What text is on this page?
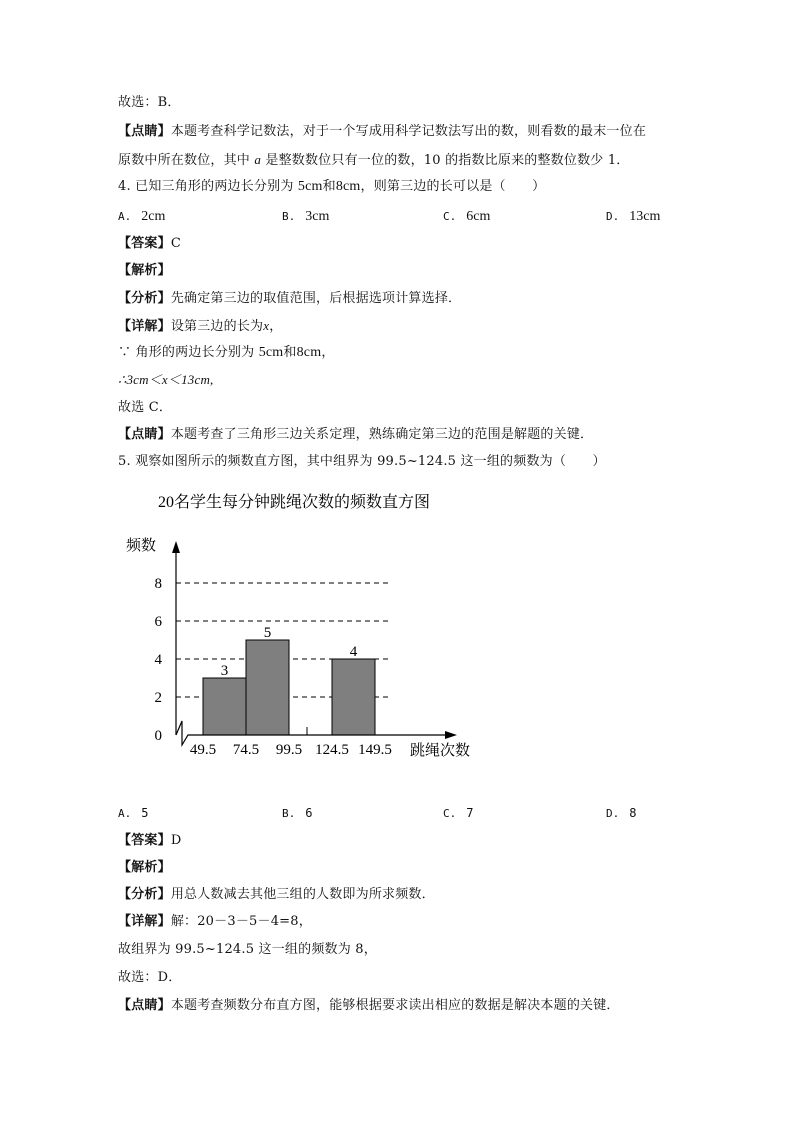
故选：B．
【点睛】本题考查科学记数法，对于一个写成用科学记数法写出的数，则看数的最末一位在
原数中所在数位，其中 a 是整数数位只有一位的数，10 的指数比原来的整数位数少 1．
4. 已知三角形的两边长分别为 5cm和8cm，则第三边的长可以是（　　）
A. 2cm	B. 3cm	C. 6cm	D. 13cm
【答案】C
【解析】
【分析】先确定第三边的取值范围，后根据选项计算选择．
【详解】设第三边的长为x，
∵ 角形的两边长分别为 5cm和8cm，
∴3cm＜x＜13cm,
故选 C．
【点睛】本题考查了三角形三边关系定理，熟练确定第三边的范围是解题的关键．
5. 观察如图所示的频数直方图，其中组界为 99.5~124.5 这一组的频数为（　　）
20名学生每分钟跳绳次数的频数直方图
频数
跳绳次数
3
5
4
0
2
4
6
8
49.5 74.5 99.5 124.5 149.5
A. 5	B. 6	C. 7	D. 8
【答案】D
【解析】
【分析】用总人数减去其他三组的人数即为所求频数．
【详解】解：20－3－5－4=8，
故组界为 99.5~124.5 这一组的频数为 8，
故选：D．
【点睛】本题考查频数分布直方图，能够根据要求读出相应的数据是解决本题的关键．
